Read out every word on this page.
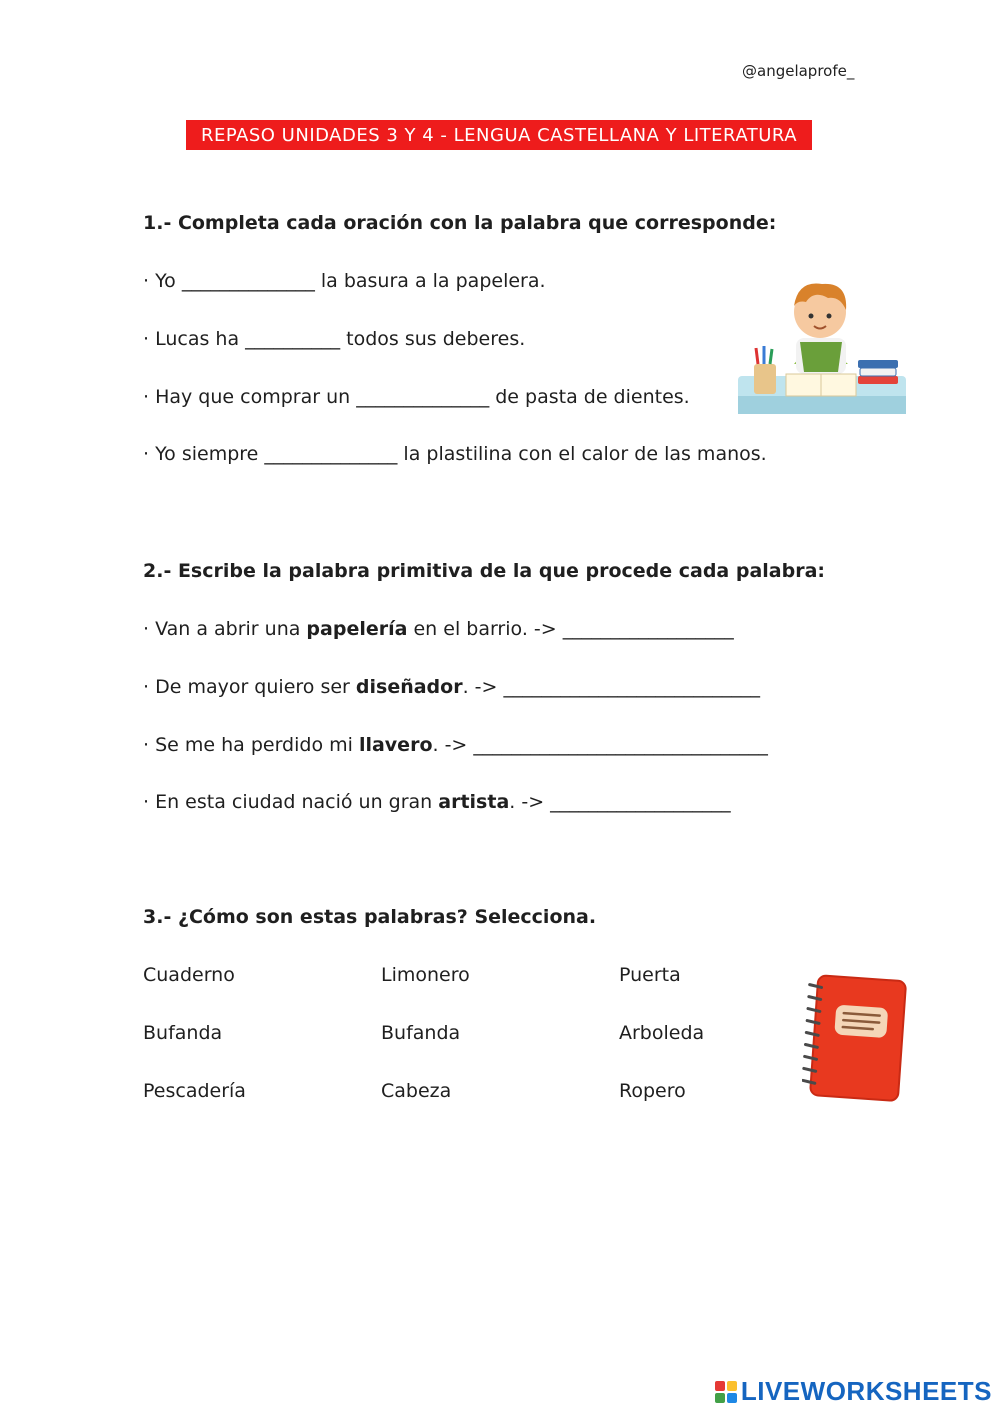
@angelaprofe_
REPASO UNIDADES 3 Y 4 - LENGUA CASTELLANA Y LITERATURA
1.- Completa cada oración con la palabra que corresponde:
· Yo ______________ la basura a la papelera.
· Lucas ha __________ todos sus deberes.
· Hay que comprar un ______________ de pasta de dientes.
· Yo siempre ______________ la plastilina con el calor de las manos.
2.- Escribe la palabra primitiva de la que procede cada palabra:
· Van a abrir una papelería en el barrio. -> __________________
· De mayor quiero ser diseñador. -> ___________________________
· Se me ha perdido mi llavero. -> _______________________________
· En esta ciudad nació un gran artista. -> ___________________
3.- ¿Cómo son estas palabras? Selecciona.
Cuaderno	Limonero	Puerta
Bufanda	Bufanda	Arboleda
Pescadería	Cabeza	Ropero
LIVEWORKSHEETS
